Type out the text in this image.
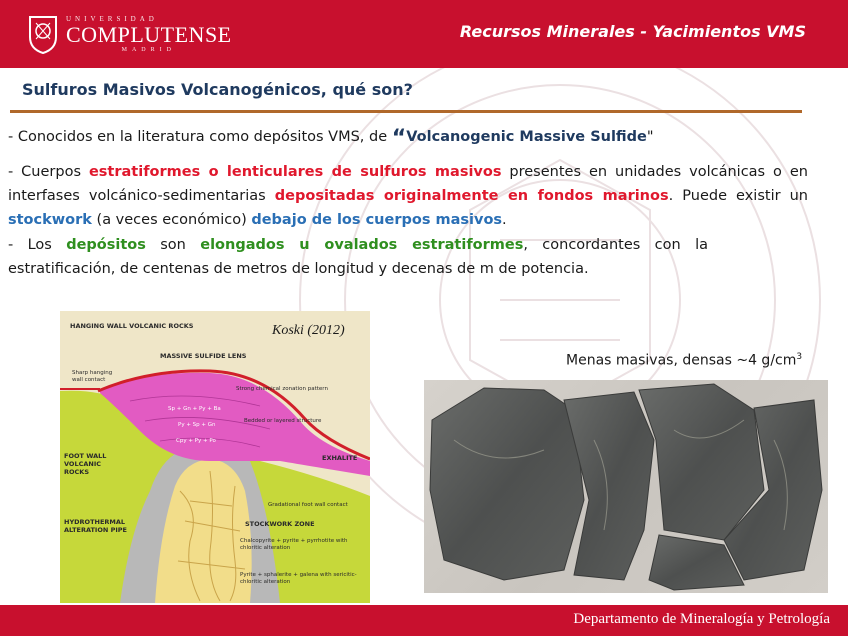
UNIVERSIDAD
COMPLUTENSE
MADRID
Recursos Minerales - Yacimientos VMS
Sulfuros Masivos Volcanogénicos, qué son?
- Conocidos en la literatura como depósitos VMS, de “Volcanogenic Massive Sulfide"
- Cuerpos estratiformes o lenticulares de sulfuros masivos presentes en unidades volcánicas o en interfases volcánico-sedimentarias depositadas originalmente en fondos marinos. Puede existir un stockwork (a veces económico) debajo de los cuerpos masivos.
- Los depósitos son elongados u ovalados estratiformes, concordantes con la estratificación, de centenas de metros de longitud y decenas de m de potencia.
Koski (2012)
HANGING WALL VOLCANIC ROCKS
MASSIVE SULFIDE LENS
Sharp hanging wall contact
Strong chemical zonation pattern
Bedded or layered structure
EXHALITE
FOOT WALL VOLCANIC ROCKS
Gradational foot wall contact
STOCKWORK ZONE
HYDROTHERMAL ALTERATION PIPE
Chalcopyrite + pyrite + pyrrhotite with chloritic alteration
Pyrite + sphalerite + galena with sericitic-chloritic alteration
Sp + Gn + Py + Ba
Py + Sp + Gn
Cpy + Py + Po
Menas masivas, densas ~4 $g/cm^3$
Departamento de Mineralogía y Petrología
